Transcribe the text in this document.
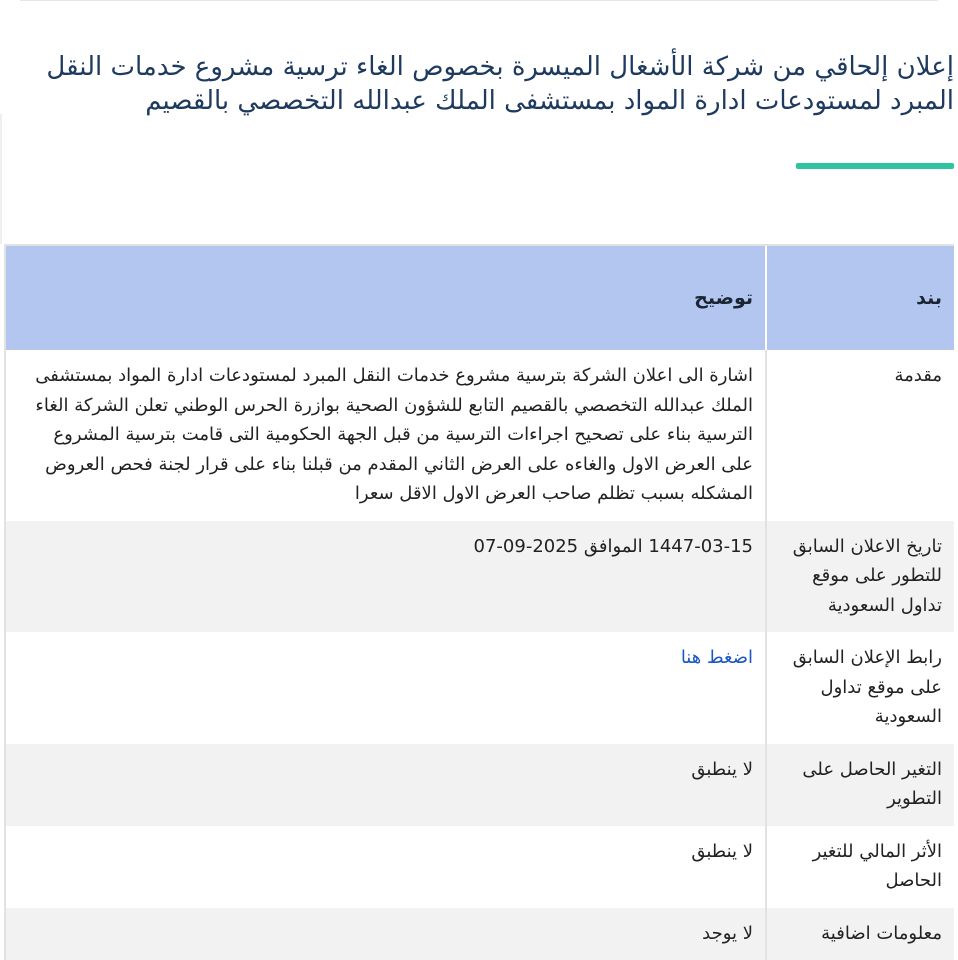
إعلان إلحاقي من شركة الأشغال الميسرة بخصوص الغاء ترسية مشروع خدمات النقل المبرد لمستودعات ادارة المواد بمستشفى الملك عبدالله التخصصي بالقصيم
بند	توضيح
مقدمة	اشارة الى اعلان الشركة بترسية مشروع خدمات النقل المبرد لمستودعات ادارة المواد بمستشفى الملك عبدالله التخصصي بالقصيم التابع للشؤون الصحية بوازرة الحرس الوطني تعلن الشركة الغاء الترسية بناء على تصحيح اجراءات الترسية من قبل الجهة الحكومية التى قامت بترسية المشروع على العرض الاول والغاءه على العرض الثاني المقدم من قبلنا بناء على قرار لجنة فحص العروض المشكله بسبب تظلم صاحب العرض الاول الاقل سعرا
تاريخ الاعلان السابق للتطور على موقع تداول السعودية	1447-03-15 الموافق 2025-09-07
رابط الإعلان السابق على موقع تداول السعودية	اضغط هنا
التغير الحاصل على التطوير	لا ينطبق
الأثر المالي للتغير الحاصل	لا ينطبق
معلومات اضافية	لا يوجد
